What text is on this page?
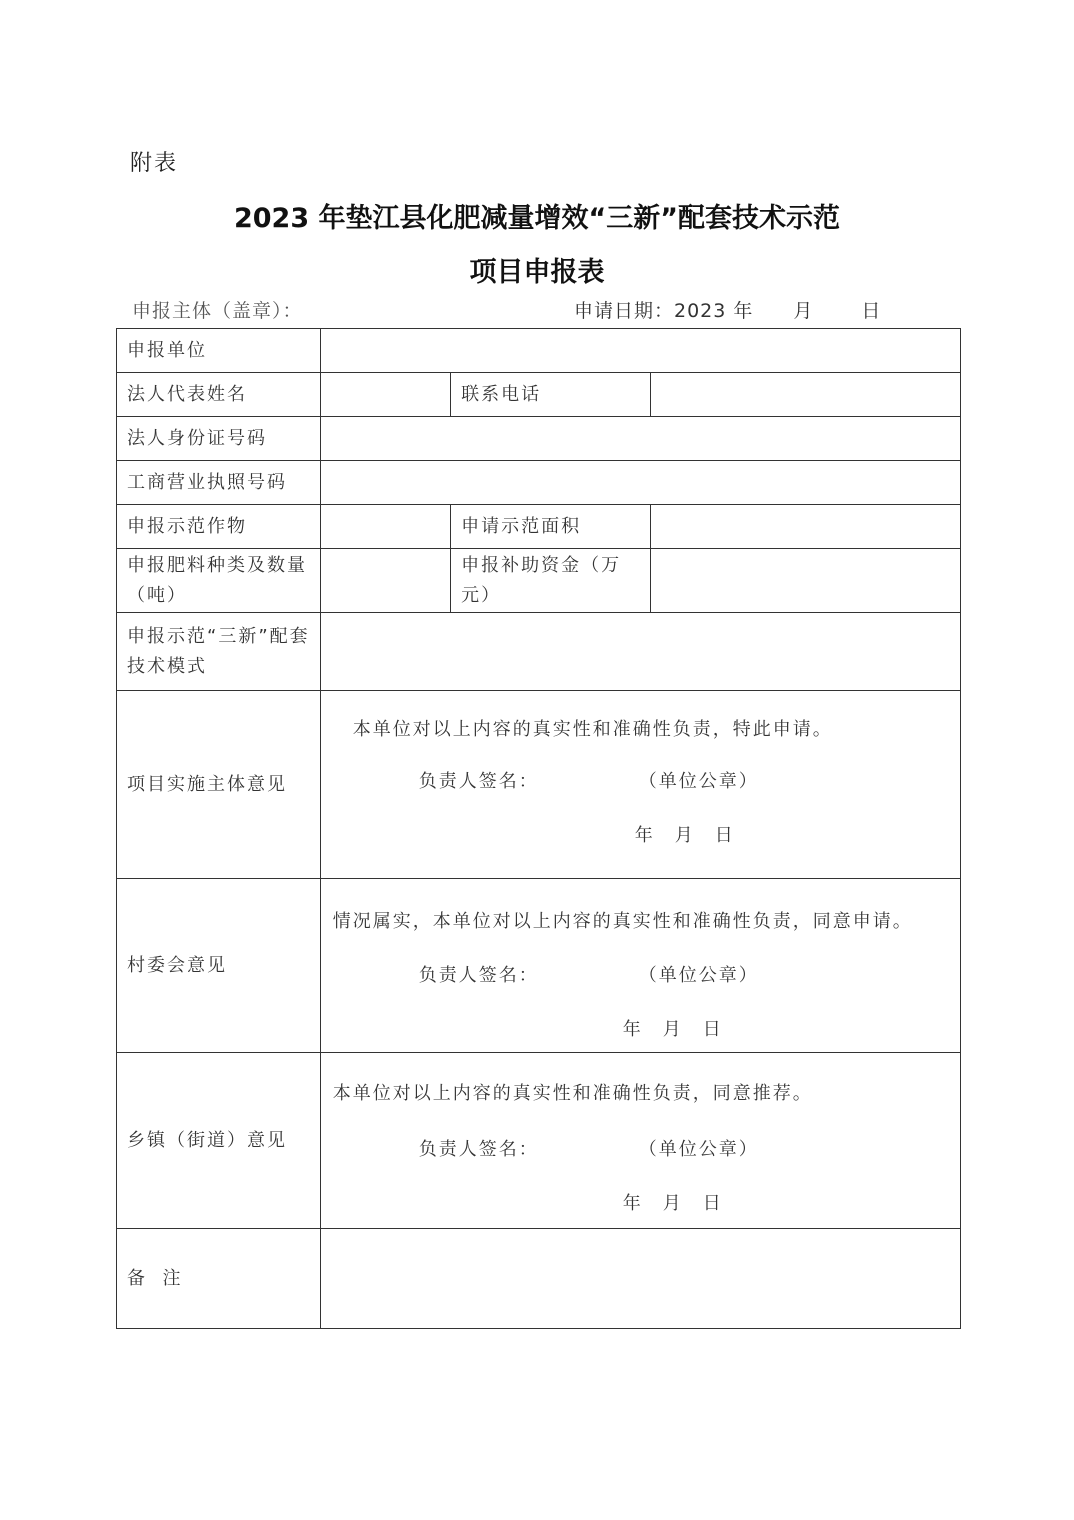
附表
2023 年垫江县化肥减量增效“三新”配套技术示范
项目申报表
申报主体（盖章）：	申请日期：2023 年 月	日
申报单位			
法人代表姓名		联系电话	
法人身份证号码			
工商营业执照号码			
申报示范作物		申请示范面积	
申报肥料种类及数量（吨）		申报补助资金（万元）	
申报示范“三新”配套技术模式			
项目实施主体意见	本单位对以上内容的真实性和准确性负责，特此申请。
负责人签名： （单位公章）
年　月　日		

村委会意见	情况属实，本单位对以上内容的真实性和准确性负责，同意申请。
负责人签名： （单位公章）
年　月　日		

乡镇（街道）意见	本单位对以上内容的真实性和准确性负责，同意推荐。
负责人签名： （单位公章）
年　月　日		

备  注			
